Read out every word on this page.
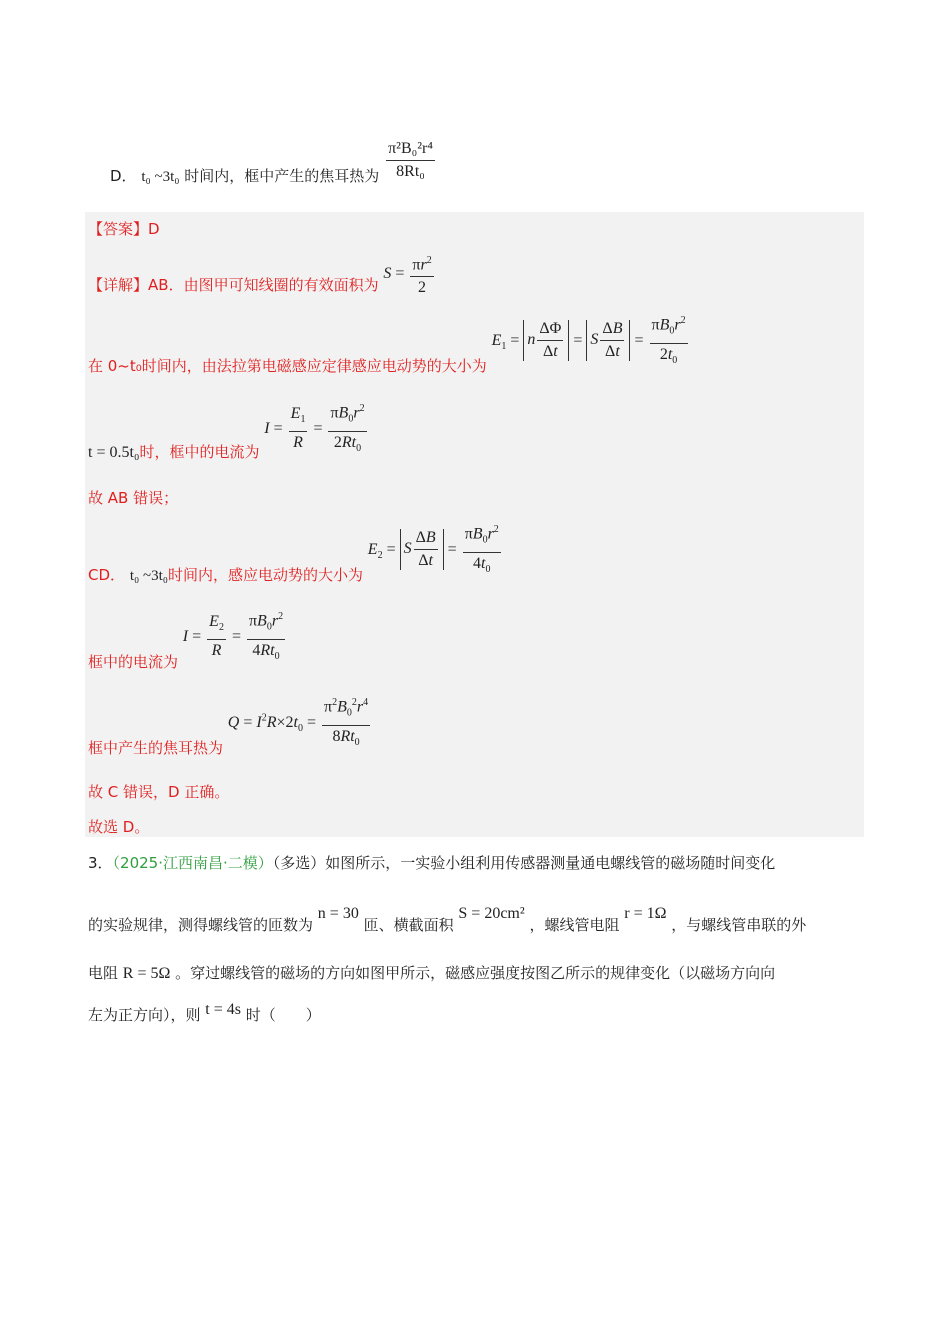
D． t₀ ~3t₀ 时间内，框中产生的焦耳热为 $\frac{\text{π²B₀²r⁴}}{\text{8Rt₀}}$
【答案】D
【详解】AB．由图甲可知线圈的有效面积为 $S = \frac{\pi r^2}{2}$
在 0~t₀时间内，由法拉第电磁感应定律感应电动势的大小为 $E_1 = n \frac{\Delta\Phi}{\Delta t} = S \frac{\Delta B}{\Delta t} = \frac{\pi B_0r^2}{2t_0}$
t = 0.5t₀时，框中的电流为 $I = \frac{E_1}{R} = \frac{\pi B_0r^2}{2Rt_0}$
故 AB 错误；
CD． t₀ ~3t₀时间内，感应电动势的大小为 $E_2 = S \frac{\Delta B}{\Delta t} = \frac{\pi B_0r^2}{4t_0}$
框中的电流为 $I = \frac{E_2}{R} = \frac{\pi B_0r^2}{4Rt_0}$
框中产生的焦耳热为 $Q = I^2R\times 2t_0 = \frac{\pi^2B_0^2r^4}{8Rt_0}$
故 C 错误，D 正确。
故选 D。
3．（2025·江西南昌·二模）（多选）如图所示，一实验小组利用传感器测量通电螺线管的磁场随时间变化
的实验规律，测得螺线管的匝数为 n = 30 匝、横截面积 S = 20cm² ，螺线管电阻 r = 1Ω ，与螺线管串联的外
电阻 R = 5Ω 。穿过螺线管的磁场的方向如图甲所示，磁感应强度按图乙所示的规律变化（以磁场方向向
左为正方向），则 t = 4s 时（　　）
